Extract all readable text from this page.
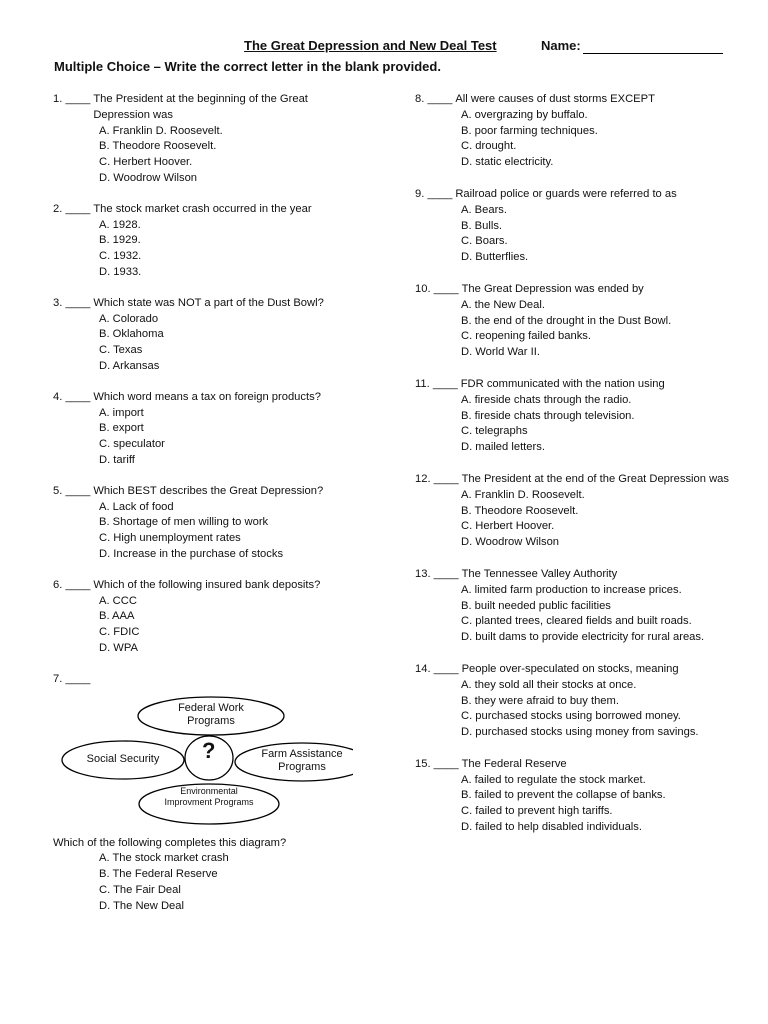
The Great Depression and New Deal Test	Name:
Multiple Choice – Write the correct letter in the blank provided.
1. ____ The President at the beginning of the Great Depression was
A. Franklin D. Roosevelt.
B. Theodore Roosevelt.
C. Herbert Hoover.
D. Woodrow Wilson
2. ____ The stock market crash occurred in the year
A. 1928.
B. 1929.
C. 1932.
D. 1933.
3. ____ Which state was NOT a part of the Dust Bowl?
A. Colorado
B. Oklahoma
C. Texas
D. Arkansas
4. ____ Which word means a tax on foreign products?
A. import
B. export
C. speculator
D. tariff
5. ____ Which BEST describes the Great Depression?
A. Lack of food
B. Shortage of men willing to work
C. High unemployment rates
D. Increase in the purchase of stocks
6. ____ Which of the following insured bank deposits?
A. CCC
B. AAA
C. FDIC
D. WPA
7. ____
Federal Work Programs
Social Security	Farm Assistance Programs
Environmental Improvment Programs
?
Which of the following completes this diagram?
A. The stock market crash
B. The Federal Reserve
C. The Fair Deal
D. The New Deal
8. ____ All were causes of dust storms EXCEPT
A. overgrazing by buffalo.
B. poor farming techniques.
C. drought.
D. static electricity.
9. ____ Railroad police or guards were referred to as
A. Bears.
B. Bulls.
C. Boars.
D. Butterflies.
10. ____ The Great Depression was ended by
A. the New Deal.
B. the end of the drought in the Dust Bowl.
C. reopening failed banks.
D. World War II.
11. ____ FDR communicated with the nation using
A. fireside chats through the radio.
B. fireside chats through television.
C. telegraphs
D. mailed letters.
12. ____ The President at the end of the Great Depression was
A. Franklin D. Roosevelt.
B. Theodore Roosevelt.
C. Herbert Hoover.
D. Woodrow Wilson
13. ____ The Tennessee Valley Authority
A. limited farm production to increase prices.
B. built needed public facilities
C. planted trees, cleared fields and built roads.
D. built dams to provide electricity for rural areas.
14. ____ People over-speculated on stocks, meaning
A. they sold all their stocks at once.
B. they were afraid to buy them.
C. purchased stocks using borrowed money.
D. purchased stocks using money from savings.
15. ____ The Federal Reserve
A. failed to regulate the stock market.
B. failed to prevent the collapse of banks.
C. failed to prevent high tariffs.
D. failed to help disabled individuals.
